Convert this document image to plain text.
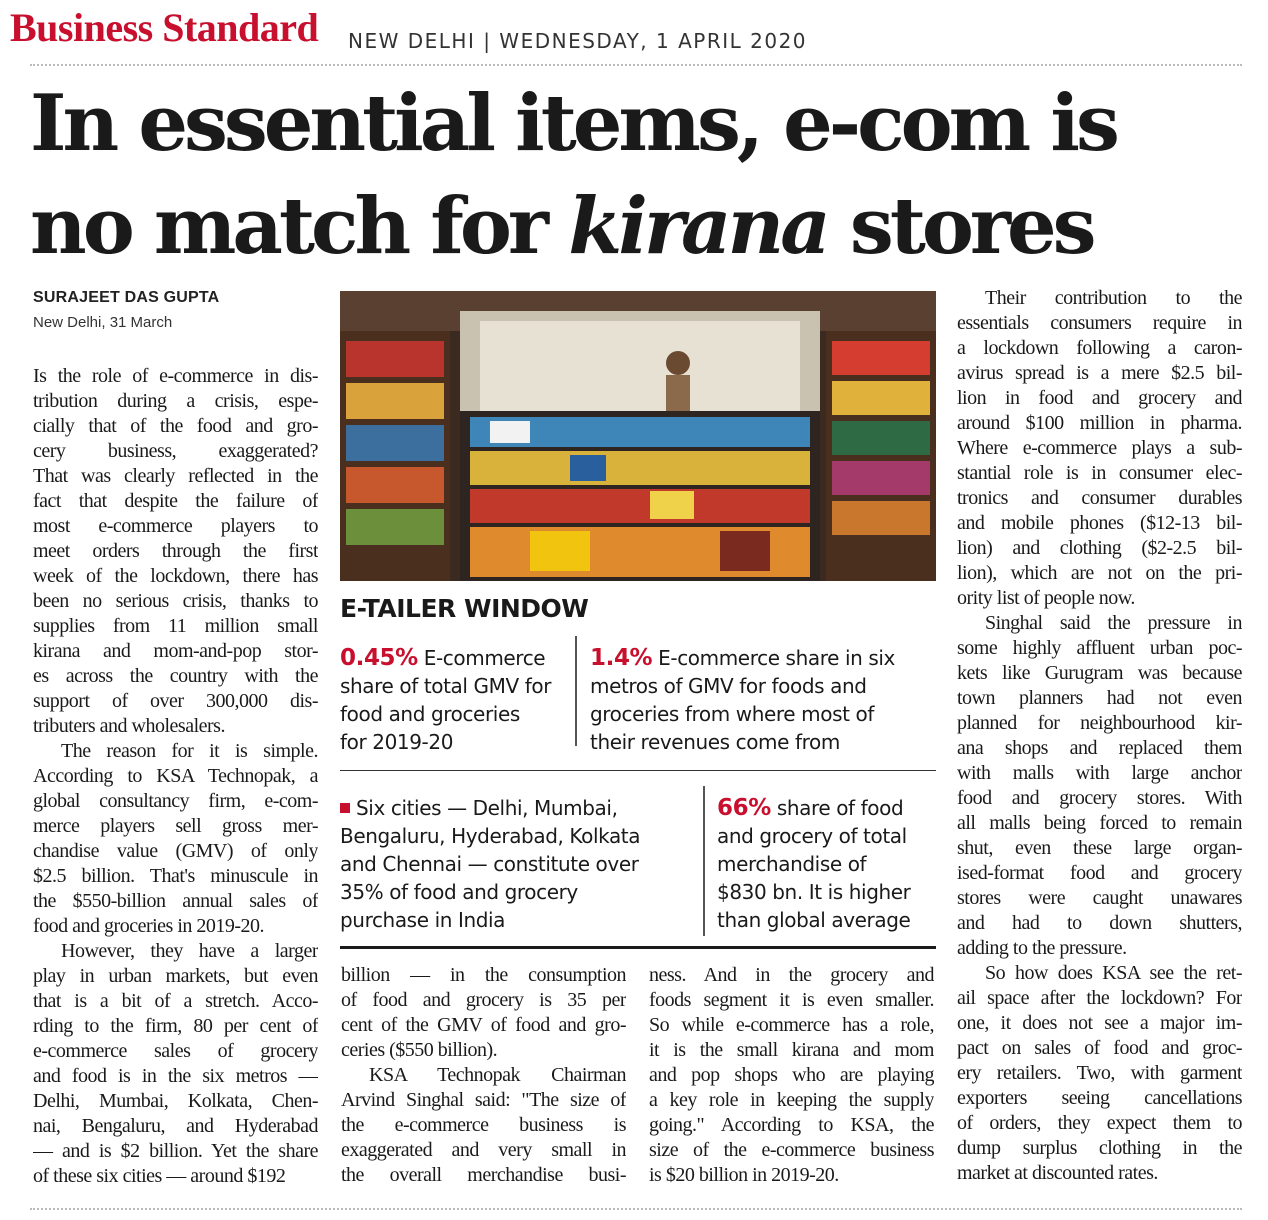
Business Standard NEW DELHI | WEDNESDAY, 1 APRIL 2020
In essential items, e-com is
no match for kirana stores
SURAJEET DAS GUPTA
New Delhi, 31 March
Is the role of e-commerce in dis-
tribution during a crisis, espe-
cially that of the food and gro-
cery business, exaggerated?
That was clearly reflected in the
fact that despite the failure of
most e-commerce players to
meet orders through the first
week of the lockdown, there has
been no serious crisis, thanks to
supplies from 11 million small
kirana and mom-and-pop stor-
es across the country with the
support of over 300,000 dis-
tributers and wholesalers.
The reason for it is simple.
According to KSA Technopak, a
global consultancy firm, e-com-
merce players sell gross mer-
chandise value (GMV) of only
$2.5 billion. That's minuscule in
the $550-billion annual sales of
food and groceries in 2019-20.
However, they have a larger
play in urban markets, but even
that is a bit of a stretch. Acco-
rding to the firm, 80 per cent of
e-commerce sales of grocery
and food is in the six metros —
Delhi, Mumbai, Kolkata, Chen-
nai, Bengaluru, and Hyderabad
— and is $2 billion. Yet the share
of these six cities — around $192
E-TAILER WINDOW
0.45% E-commerce
share of total GMV for
food and groceries
for 2019-20
1.4% E-commerce share in six
metros of GMV for foods and
groceries from where most of
their revenues come from
Six cities — Delhi, Mumbai,
Bengaluru, Hyderabad, Kolkata
and Chennai — constitute over
35% of food and grocery
purchase in India
66% share of food
and grocery of total
merchandise of
$830 bn. It is higher
than global average
billion — in the consumption
of food and grocery is 35 per
cent of the GMV of food and gro-
ceries ($550 billion).
KSA Technopak Chairman
Arvind Singhal said: "The size of
the e-commerce business is
exaggerated and very small in
the overall merchandise busi-
ness. And in the grocery and
foods segment it is even smaller.
So while e-commerce has a role,
it is the small kirana and mom
and pop shops who are playing
a key role in keeping the supply
going." According to KSA, the
size of the e-commerce business
is $20 billion in 2019-20.
Their contribution to the
essentials consumers require in
a lockdown following a caron-
avirus spread is a mere $2.5 bil-
lion in food and grocery and
around $100 million in pharma.
Where e-commerce plays a sub-
stantial role is in consumer elec-
tronics and consumer durables
and mobile phones ($12-13 bil-
lion) and clothing ($2-2.5 bil-
lion), which are not on the pri-
ority list of people now.
Singhal said the pressure in
some highly affluent urban poc-
kets like Gurugram was because
town planners had not even
planned for neighbourhood kir-
ana shops and replaced them
with malls with large anchor
food and grocery stores. With
all malls being forced to remain
shut, even these large organ-
ised-format food and grocery
stores were caught unawares
and had to down shutters,
adding to the pressure.
So how does KSA see the ret-
ail space after the lockdown? For
one, it does not see a major im-
pact on sales of food and groc-
ery retailers. Two, with garment
exporters seeing cancellations
of orders, they expect them to
dump surplus clothing in the
market at discounted rates.
